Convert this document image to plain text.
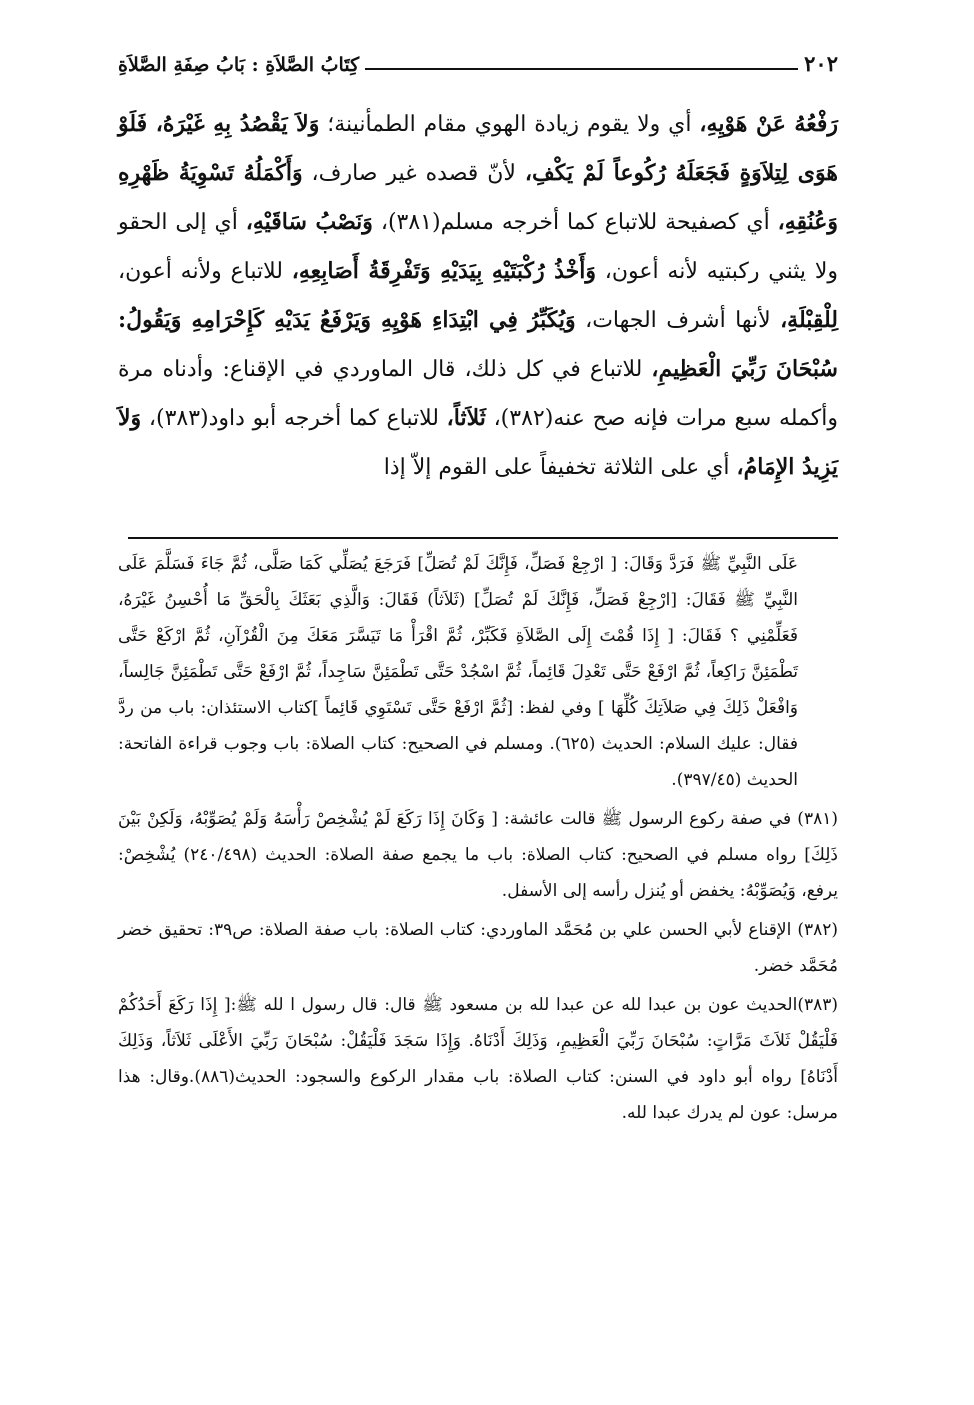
٢٠٢
كِتَابُ الصَّلاَةِ : بَابُ صِفَةِ الصَّلاَةِ

رَفْعُهُ عَنْ هَوْيِهِ، أي ولا يقوم زيادة الهوي مقام الطمأنينة؛ وَلاَ يَقْصُدُ بِهِ غَيْرَهُ، فَلَوْ هَوَى لِتِلاَوَةٍ فَجَعَلَهُ رُكُوعاً لَمْ يَكْفِ، لأنّ قصده غير صارف، وَأَكْمَلُهُ تَسْوِيَةُ ظَهْرِهِ وَعُنُقِهِ، أي كصفيحة للاتباع كما أخرجه مسلم(٣٨١)، وَنَصْبُ سَاقَيْهِ، أي إلى الحقو ولا يثني ركبتيه لأنه أعون، وَأَخْذُ رُكْبَتَيْهِ بِيَدَيْهِ وَتَفْرِقَةُ أَصَابِعِهِ، للاتباع ولأنه أعون، لِلْقِبْلَةِ، لأنها أشرف الجهات، وَيُكَبِّرُ فِي ابْتِدَاءِ هَوْيِهِ وَيَرْفَعُ يَدَيْهِ كَإِحْرَامِهِ وَيَقُولُ: سُبْحَانَ رَبِّيَ الْعَظِيمِ، للاتباع في كل ذلك، قال الماوردي في الإقناع: وأدناه مرة وأكمله سبع مرات فإنه صح عنه(٣٨٢)، ثَلاَثاً، للاتباع كما أخرجه أبو داود(٣٨٣)، وَلاَ يَزِيدُ الإِمَامُ، أي على الثلاثة تخفيفاً على القوم إلاّ إذا

عَلَى النَّبِيِّ ﷺ فَرَدَّ وَقَالَ: [ ارْجِعْ فَصَلِّ، فَإِنَّكَ لَمْ تُصَلِّ] فَرَجَعَ يُصَلِّي كَمَا صَلَّى، ثُمَّ جَاءَ فَسَلَّمَ عَلَى النَّبِيِّ ﷺ فَقَالَ: [ارْجِعْ فَصَلِّ، فَإِنَّكَ لَمْ تُصَلِّ] (ثَلاَثاً) فَقَالَ: وَالَّذِي بَعَثَكَ بِالْحَقِّ مَا أُحْسِنُ غَيْرَهُ، فَعَلِّمْنِي ؟ فَقَالَ: [ إِذَا قُمْتَ إِلَى الصَّلاَةِ فَكَبِّرْ، ثُمَّ اقْرَأْ مَا تَيَسَّرَ مَعَكَ مِنَ الْقُرْآنِ، ثُمَّ ارْكَعْ حَتَّى تَطْمَئِنَّ رَاكِعاً، ثُمَّ ارْفَعْ حَتَّى تَعْدِلَ قَائِماً، ثُمَّ اسْجُدْ حَتَّى تَطْمَئِنَّ سَاجِداً، ثُمَّ ارْفَعْ حَتَّى تَطْمَئِنَّ جَالِساً، وَافْعَلْ ذَلِكَ فِي صَلاَتِكَ كُلِّهَا ] وفي لفظ: [ثُمَّ ارْفَعْ حَتَّى تَسْتَوِي قَائِماً ]كتاب الاستئذان: باب من ردَّ فقال: عليك السلام: الحديث (٦٢٥). ومسلم في الصحيح: كتاب الصلاة: باب وجوب قراءة الفاتحة: الحديث (٣٩٧/٤٥).

(٣٨١) في صفة ركوع الرسول ﷺ قالت عائشة: [ وَكَانَ إِذَا رَكَعَ لَمْ يُشْخِصْ رَأْسَهُ وَلَمْ يُصَوِّبْهُ، وَلَكِنْ بَيْنَ ذَلِكَ] رواه مسلم في الصحيح: كتاب الصلاة: باب ما يجمع صفة الصلاة: الحديث (٢٤٠/٤٩٨) يُشْخِصْ: يرفع، وَيُصَوِّبْهُ: يخفض أو يُنزل رأسه إلى الأسفل.

(٣٨٢) الإقناع لأبي الحسن علي بن مُحَمَّد الماوردي: كتاب الصلاة: باب صفة الصلاة: ص٣٩: تحقيق خضر مُحَمَّد خضر.

(٣٨٣)الحديث عون بن عبدا لله عن عبدا لله بن مسعود ﷺ قال: قال رسول ا لله ﷺ:[ إِذَا رَكَعَ أَحَدُكُمْ فَلْيَقُلْ ثَلاَثَ مَرَّاتٍ: سُبْحَانَ رَبِّيَ الْعَظِيمِ، وَذَلِكَ أَدْنَاهُ. وَإِذَا سَجَدَ فَلْيَقُلْ: سُبْحَانَ رَبِّيَ الأَعْلَى ثَلاَثاً، وَذَلِكَ أَدْنَاهُ] رواه أبو داود في السنن: كتاب الصلاة: باب مقدار الركوع والسجود: الحديث(٨٨٦).وقال: هذا مرسل: عون لم يدرك عبدا لله.
